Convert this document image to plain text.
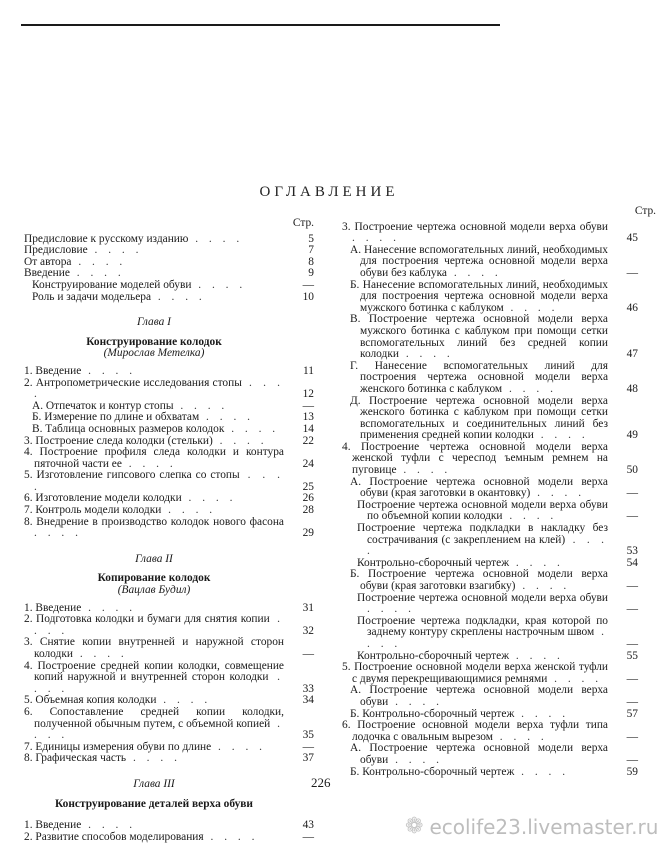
ОГЛАВЛЕНИЕ
Стр.
Предисловие к русскому изданию . . . .	5
Предисловие . . . .	7
От автора . . . .	8
Введение . . . .	9
Конструирование моделей обуви . . . .	—
Роль и задачи модельера . . . .	10
Глава I
Конструирование колодок
(Мирослав Метелка)
1. Введение . . . .	11
2. Антропометрические исследования стопы . . . .	12
А. Отпечаток и контур стопы . . . .	—
Б. Измерение по длине и обхватам . . . .	13
В. Таблица основных размеров колодок . . . .	14
3. Построение следа колодки (стельки) . . . .	22
4. Построение профиля следа колодки и контура пяточной части ее . . . .	24
5. Изготовление гипсового слепка со стопы . . . .	25
6. Изготовление модели колодки . . . .	26
7. Контроль модели колодки . . . .	28
8. Внедрение в производство колодок нового фасона . . . .	29
Глава II
Копирование колодок
(Вацлав Будил)
1. Введение . . . .	31
2. Подготовка колодки и бумаги для снятия копии . . . .	32
3. Снятие копии внутренней и наружной сторон колодки . . . .	—
4. Построение средней копии колодки, совмещение копий наружной и внутренней сторон колодки . . . .	33
5. Объемная копия колодки . . . .	34
6. Сопоставление средней копии колодки, полученной обычным путем, с объемной копией . . . .	35
7. Единицы измерения обуви по длине . . . .	—
8. Графическая часть . . . .	37
Глава III
Конструирование деталей верха обуви
1. Введение . . . .	43
2. Развитие способов моделирования . . . .	—
Стр.
3. Построение чертежа основной модели верха обуви . . . .	45
А. Нанесение вспомогательных линий, необходимых для построения чертежа основной модели верха обуви без каблука . . . .	—
Б. Нанесение вспомогательных линий, необходимых для построения чертежа основной модели верха мужского ботинка с каблуком . . . .	46
В. Построение чертежа основной модели верха мужского ботинка с каблуком при помощи сетки вспомогательных линий без средней копии колодки . . . .	47
Г. Нанесение вспомогательных линий для построения чертежа основной модели верха женского ботинка с каблуком . . . .	48
Д. Построение чертежа основной модели верха женского ботинка с каблуком при помощи сетки вспомогательных и соединительных линий без применения средней копии колодки . . . .	49
4. Построение чертежа основной модели верха женской туфли с череспод ъемным ремнем на пуговице . . . .	50
А. Построение чертежа основной модели верха обуви (края заготовки в окантовку) . . . .	—
Построение чертежа основной модели верха обуви по объемной копии колодки . . . .	—
Построение чертежа подкладки в накладку без сострачивания (с закреплением на клей) . . . .	53
Контрольно-сборочный чертеж . . . .	54
Б. Построение чертежа основной модели верха обуви (края заготовки взагибку) . . . .	—
Построение чертежа основной модели верха обуви . . . .	—
Построение чертежа подкладки, края которой по заднему контуру скреплены настрочным швом . . . .	—
Контрольно-сборочный чертеж . . . .	55
5. Построение основной модели верха женской туфли с двумя перекрещивающимися ремнями . . . .	—
А. Построение чертежа основной модели верха обуви . . . .	—
Б. Контрольно-сборочный чертеж . . . .	57
6. Построение основной модели верха туфли типа лодочка с овальным вырезом . . . .	—
А. Построение чертежа основной модели верха обуви . . . .	—
Б. Контрольно-сборочный чертеж . . . .	59
226
❁ ecolife23.livemaster.ru
